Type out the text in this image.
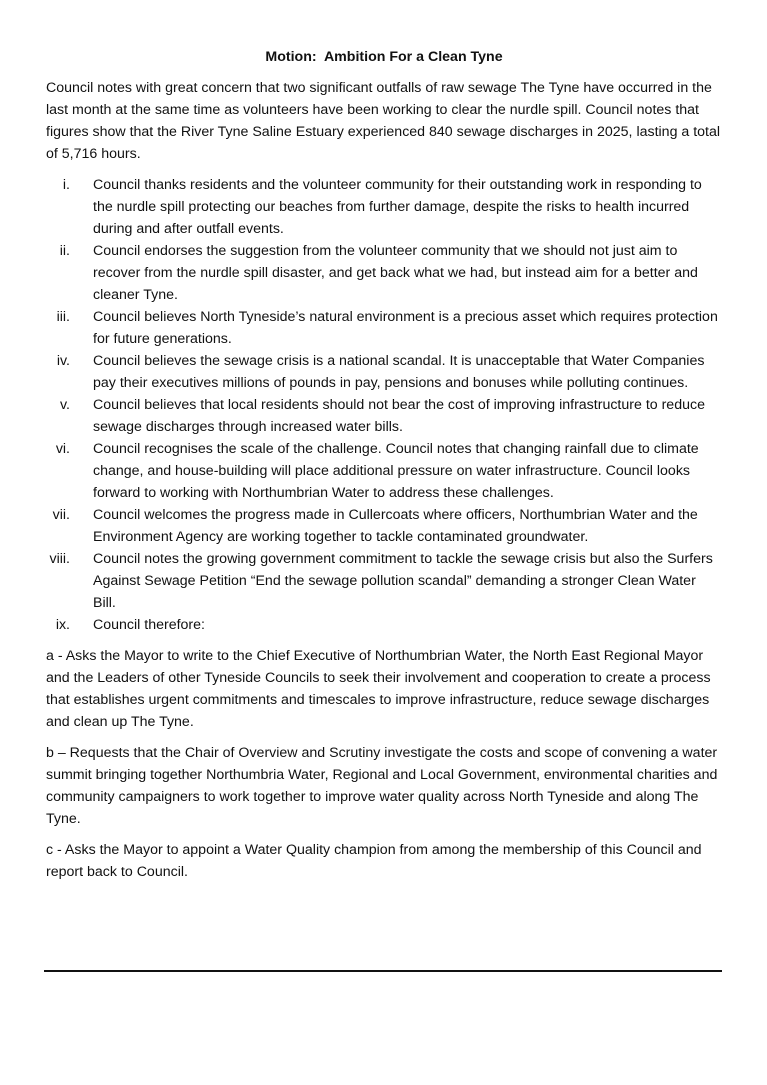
Motion:  Ambition For a Clean Tyne

Council notes with great concern that two significant outfalls of raw sewage The Tyne have occurred in the last month at the same time as volunteers have been working to clear the nurdle spill. Council notes that figures show that the River Tyne Saline Estuary experienced 840 sewage discharges in 2025, lasting a total of 5,716 hours.

i.	Council thanks residents and the volunteer community for their outstanding work in responding to the nurdle spill protecting our beaches from further damage, despite the risks to health incurred during and after outfall events.
ii.	Council endorses the suggestion from the volunteer community that we should not just aim to recover from the nurdle spill disaster, and get back what we had, but instead aim for a better and cleaner Tyne.
iii.	Council believes North Tyneside’s natural environment is a precious asset which requires protection for future generations.
iv.	Council believes the sewage crisis is a national scandal. It is unacceptable that Water Companies pay their executives millions of pounds in pay, pensions and bonuses while polluting continues.
v.	Council believes that local residents should not bear the cost of improving infrastructure to reduce sewage discharges through increased water bills.
vi.	Council recognises the scale of the challenge. Council notes that changing rainfall due to climate change, and house-building will place additional pressure on water infrastructure. Council looks forward to working with Northumbrian Water to address these challenges.
vii.	Council welcomes the progress made in Cullercoats where officers, Northumbrian Water and the Environment Agency are working together to tackle contaminated groundwater.
viii.	Council notes the growing government commitment to tackle the sewage crisis but also the Surfers Against Sewage Petition “End the sewage pollution scandal” demanding a stronger Clean Water Bill.
ix.	Council therefore:

a - Asks the Mayor to write to the Chief Executive of Northumbrian Water, the North East Regional Mayor and the Leaders of other Tyneside Councils to seek their involvement and cooperation to create a process that establishes urgent commitments and timescales to improve infrastructure, reduce sewage discharges and clean up The Tyne.

b – Requests that the Chair of Overview and Scrutiny investigate the costs and scope of convening a water summit bringing together Northumbria Water, Regional and Local Government, environmental charities and community campaigners to work together to improve water quality across North Tyneside and along The Tyne.

c - Asks the Mayor to appoint a Water Quality champion from among the membership of this Council and report back to Council.
